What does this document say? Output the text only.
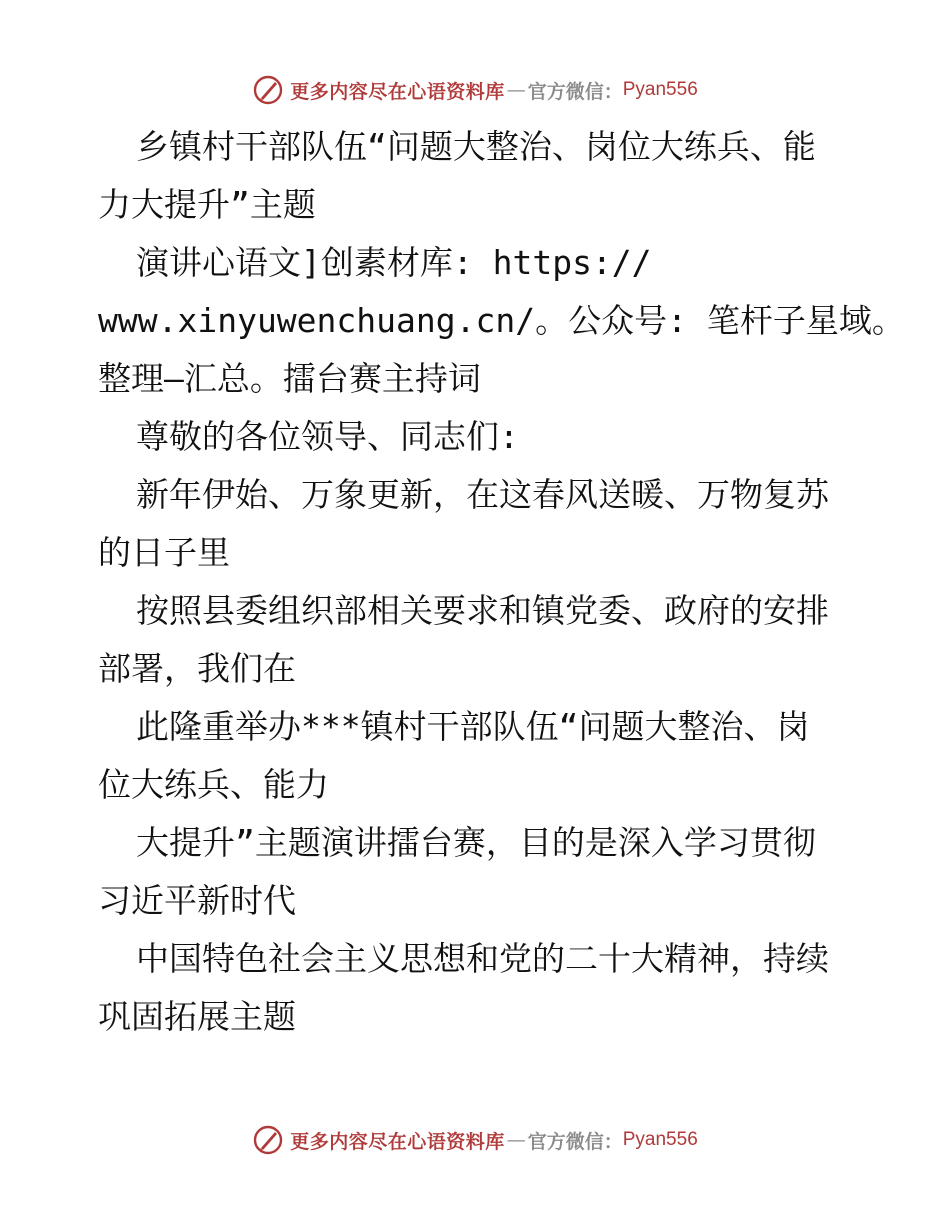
更多内容尽在心语资料库 — 官方微信： Pyan556

乡镇村干部队伍“问题大整治、岗位大练兵、能
力大提升”主题

演讲心语文]创素材库: https://
www.xinyuwenchuang.cn/。公众号: 笔杆子星域。
整理—汇总。擂台赛主持词

尊敬的各位领导、同志们:

新年伊始、万象更新，在这春风送暖、万物复苏
的日子里

按照县委组织部相关要求和镇党委、政府的安排
部署，我们在

此隆重举办***镇村干部队伍“问题大整治、岗
位大练兵、能力

大提升”主题演讲擂台赛，目的是深入学习贯彻
习近平新时代

中国特色社会主义思想和党的二十大精神，持续
巩固拓展主题

更多内容尽在心语资料库 — 官方微信： Pyan556
